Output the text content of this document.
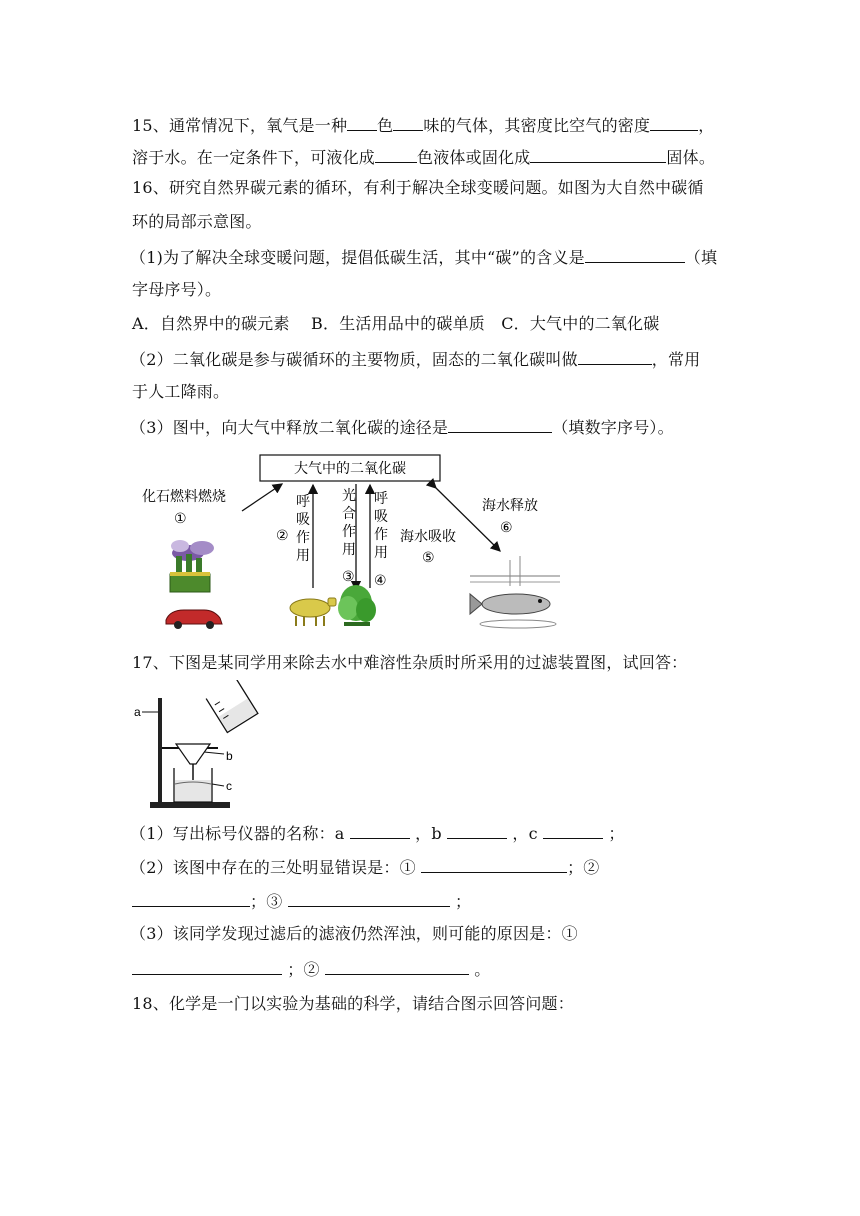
15、通常情况下，氧气是一种 色 味的气体，其密度比空气的密度	，
溶于水。在一定条件下，可液化成	色液体或固化成	固体。
16、研究自然界碳元素的循环，有利于解决全球变暖问题。如图为大自然中碳循
环的局部示意图。
（1)为了解决全球变暖问题，提倡低碳生活，其中“碳”的含义是	（填
字母序号）。
A．自然界中的碳元素　 B．生活用品中的碳单质　C．大气中的二氧化碳
（2）二氧化碳是参与碳循环的主要物质，固态的二氧化碳叫做	，常用
于人工降雨。
（3）图中，向大气中释放二氧化碳的途径是	（填数字序号）。
大气中的二氧化碳
化石燃料燃烧
①
②
呼
吸
作
用
光
合
作
用
③
呼
吸
作
用
④
海水吸收
⑤
海水释放
⑥
17、下图是某同学用来除去水中难溶性杂质时所采用的过滤装置图，试回答：
a
b
c
（1）写出标号仪器的名称：a	，b	，c	；
（2）该图中存在的三处明显错误是：①	；②
；③	；
（3）该同学发现过滤后的滤液仍然浑浊，则可能的原因是：①
；②	。
18、化学是一门以实验为基础的科学，请结合图示回答问题：
